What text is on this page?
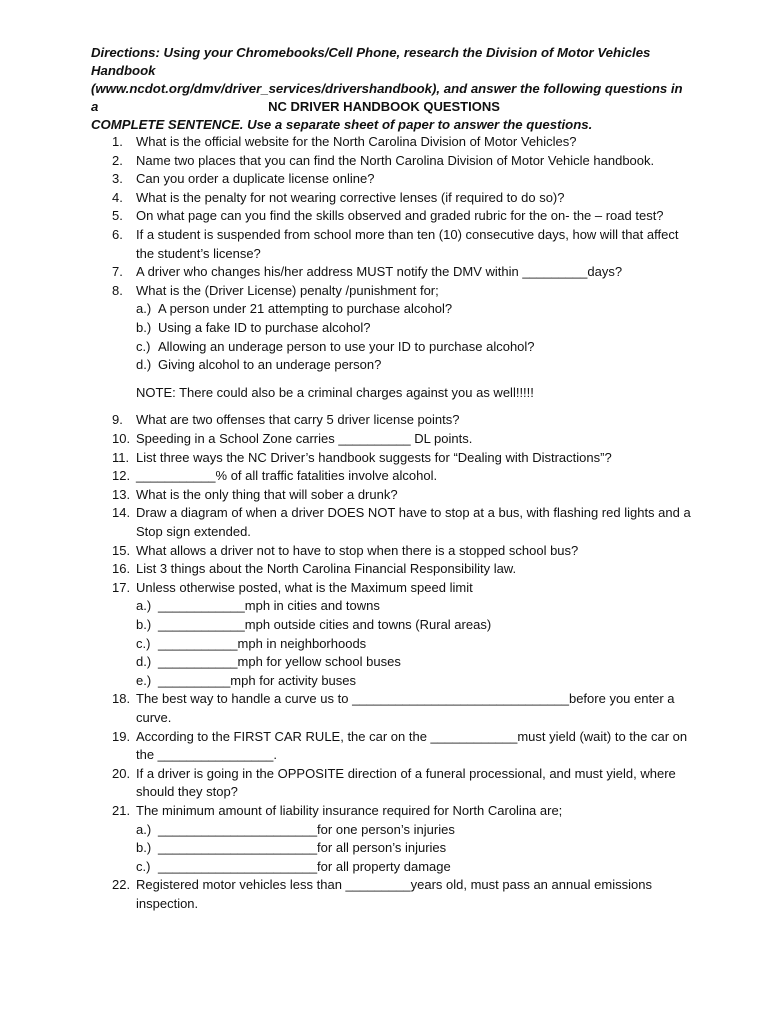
Directions: Using your Chromebooks/Cell Phone, research the Division of Motor Vehicles Handbook
(www.ncdot.org/dmv/driver_services/drivershandbook), and answer the following questions in a
COMPLETE SENTENCE. Use a separate sheet of paper to answer the questions.
NC DRIVER HANDBOOK QUESTIONS
1. What is the official website for the North Carolina Division of Motor Vehicles?
2. Name two places that you can find the North Carolina Division of Motor Vehicle handbook.
3. Can you order a duplicate license online?
4. What is the penalty for not wearing corrective lenses (if required to do so)?
5. On what page can you find the skills observed and graded rubric for the on- the – road test?
6. If a student is suspended from school more than ten (10) consecutive days, how will that affect
the student’s license?
7. A driver who changes his/her address MUST notify the DMV within _________days?
8. What is the (Driver License) penalty /punishment for;
a.) A person under 21 attempting to purchase alcohol?
b.) Using a fake ID to purchase alcohol?
c.) Allowing an underage person to use your ID to purchase alcohol?
d.) Giving alcohol to an underage person?
NOTE: There could also be a criminal charges against you as well!!!!!
9. What are two offenses that carry 5 driver license points?
10. Speeding in a School Zone carries __________ DL points.
11. List three ways the NC Driver’s handbook suggests for “Dealing with Distractions”?
12. ___________% of all traffic fatalities involve alcohol.
13. What is the only thing that will sober a drunk?
14. Draw a diagram of when a driver DOES NOT have to stop at a bus, with flashing red lights and a
Stop sign extended.
15. What allows a driver not to have to stop when there is a stopped school bus?
16. List 3 things about the North Carolina Financial Responsibility law.
17. Unless otherwise posted, what is the Maximum speed limit
a.) ____________mph in cities and towns
b.) ____________mph outside cities and towns (Rural areas)
c.) ___________mph in neighborhoods
d.) ___________mph for yellow school buses
e.) __________mph for activity buses
18. The best way to handle a curve us to ______________________________before you enter a
curve.
19. According to the FIRST CAR RULE, the car on the ____________must yield (wait) to the car on
the ________________.
20. If a driver is going in the OPPOSITE direction of a funeral processional, and must yield, where
should they stop?
21. The minimum amount of liability insurance required for North Carolina are;
a.) ______________________for one person’s injuries
b.) ______________________for all person’s injuries
c.) ______________________for all property damage
22. Registered motor vehicles less than _________years old, must pass an annual emissions
inspection.
